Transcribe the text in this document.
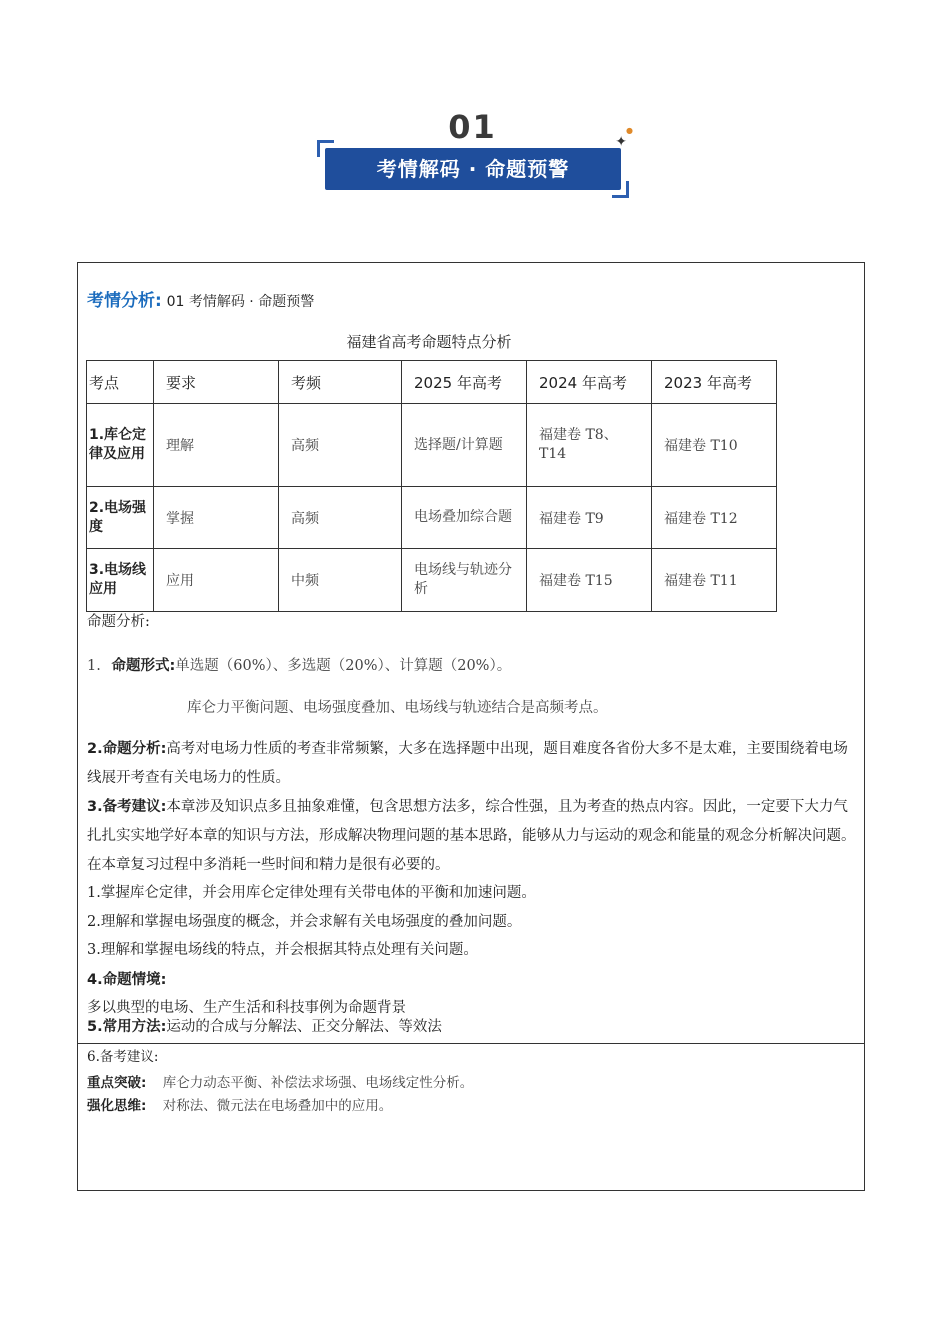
01
考情解码 · 命题预警
✦
●
考情分析: 01 考情解码 · 命题预警
福建省高考命题特点分析
考点	要求	考频	2025 年高考	2024 年高考	2023 年高考

1.库仑定律及应用	理解	高频	选择题/计算题	福建卷 T8、T14	福建卷 T10

2.电场强度	掌握	高频	电场叠加综合题	福建卷 T9	福建卷 T12

3.电场线应用	应用	中频	电场线与轨迹分析	福建卷 T15	福建卷 T11
命题分析:
1. 命题形式:单选题（60%）、多选题（20%）、计算题（20%）。
库仑力平衡问题、电场强度叠加、电场线与轨迹结合是高频考点。
2.命题分析:高考对电场力性质的考查非常频繁，大多在选择题中出现，题目难度各省份大多不是太难，主要围绕着电场线展开考查有关电场力的性质。
3.备考建议:本章涉及知识点多且抽象难懂，包含思想方法多，综合性强，且为考查的热点内容。因此，一定要下大力气扎扎实实地学好本章的知识与方法，形成解决物理问题的基本思路，能够从力与运动的观念和能量的观念分析解决问题。在本章复习过程中多消耗一些时间和精力是很有必要的。
1.掌握库仑定律，并会用库仑定律处理有关带电体的平衡和加速问题。
2.理解和掌握电场强度的概念，并会求解有关电场强度的叠加问题。
3.理解和掌握电场线的特点，并会根据其特点处理有关问题。
4.命题情境:
多以典型的电场、生产生活和科技事例为命题背景
5.常用方法:运动的合成与分解法、正交分解法、等效法
6.备考建议:
重点突破: 库仑力动态平衡、补偿法求场强、电场线定性分析。
强化思维: 对称法、微元法在电场叠加中的应用。
